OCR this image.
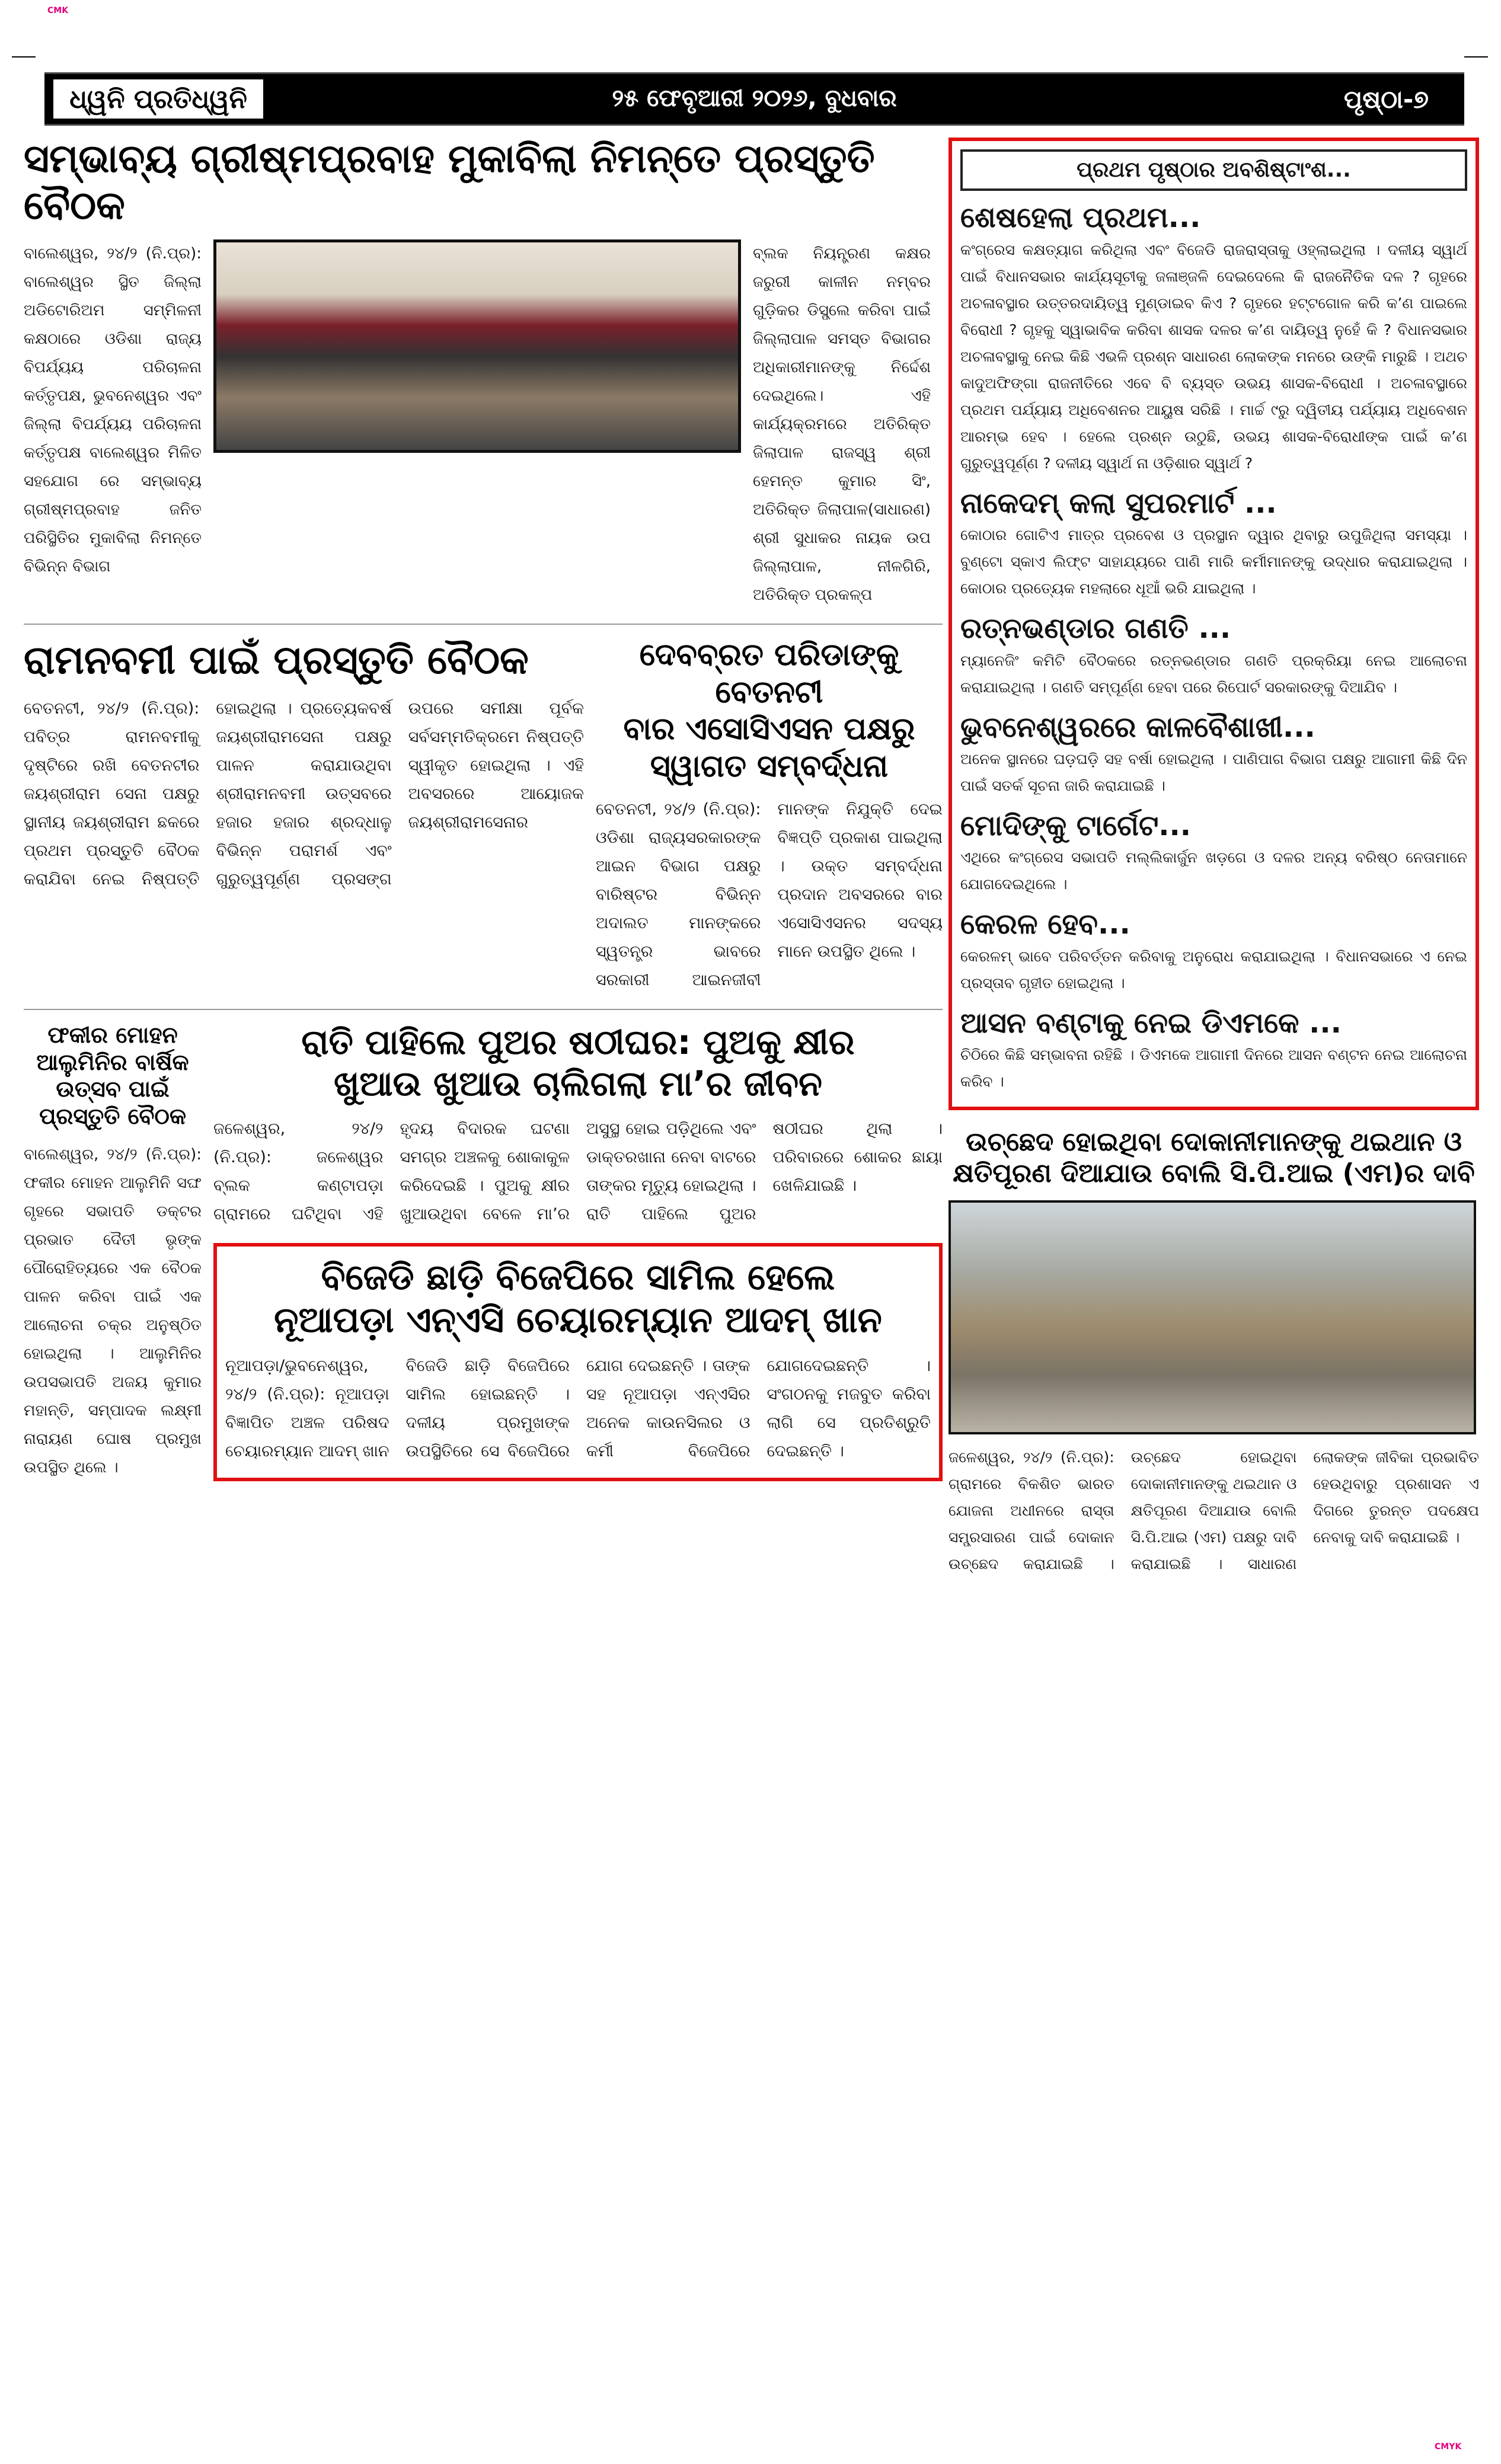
CMK
CMYK
ଧ୍ୱନି ପ୍ରତିଧ୍ୱନି	୨୫ ଫେବୃଆରୀ ୨୦୨୬, ବୁଧବାର	ପୃଷ୍ଠା-୭
ସମ୍ଭାବ୍ୟ ଗ୍ରୀଷ୍ମପ୍ରବାହ ମୁକାବିଲା ନିମନ୍ତେ ପ୍ରସ୍ତୁତି ବୈଠକ
ବାଲେଶ୍ୱର, ୨୪/୨ (ନି.ପ୍ର): ବାଲେଶ୍ୱର ସ୍ଥିତ ଜିଲ୍ଲା ଅଡିଟୋରିଅମ ସମ୍ମିଳନୀ କକ୍ଷଠାରେ ଓଡିଶା ରାଜ୍ୟ ବିପର୍ଯ୍ୟୟ ପରିଚାଳନା କର୍ତ୍ତୃପକ୍ଷ, ଭୁବନେଶ୍ୱର ଏବଂ ଜିଲ୍ଲା ବିପର୍ଯ୍ୟୟ ପରିଚାଳନା କର୍ତ୍ତୃପକ୍ଷ ବାଲେଶ୍ୱର ମିଳିତ ସହଯୋଗ ରେ ସମ୍ଭାବ୍ୟ ଗ୍ରୀଷ୍ମପ୍ରବାହ ଜନିତ ପରିସ୍ଥିତିର ମୁକାବିଲା ନିମନ୍ତେ ବିଭିନ୍ନ ବିଭାଗ
ବ୍ଲକ ନିୟନ୍ତ୍ରଣ କକ୍ଷର ଜରୁରୀ କାଳୀନ ନମ୍ବର ଗୁଡ଼ିକର ଡିସ୍ପ୍ଲେ କରିବା ପାଇଁ ଜିଲ୍ଲାପାଳ ସମସ୍ତ ବିଭାଗର ଅଧିକାରୀମାନଙ୍କୁ ନିର୍ଦ୍ଦେଶ ଦେଇଥିଲେ। ଏହି କାର୍ଯ୍ୟକ୍ରମରେ ଅତିରିକ୍ତ ଜିଲାପାଳ ରାଜସ୍ୱ ଶ୍ରୀ ହେମନ୍ତ କୁମାର ସିଂ, ଅତିରିକ୍ତ ଜିଲାପାଳ(ସାଧାରଣ) ଶ୍ରୀ ସୁଧାକର ନାୟକ ଉପ ଜିଲ୍ଲାପାଳ, ନୀଳଗିରି, ଅତିରିକ୍ତ ପ୍ରକଳ୍ପ
ରାମନବମୀ ପାଇଁ ପ୍ରସ୍ତୁତି ବୈଠକ
ବେତନଟୀ, ୨୪/୨ (ନି.ପ୍ର): ପବିତ୍ର ରାମନବମୀକୁ ଦୃଷ୍ଟିରେ ରଖି ବେତନଟୀର ଜୟଶ୍ରୀରାମ ସେନା ପକ୍ଷରୁ ସ୍ଥାନୀୟ ଜୟଶ୍ରୀରାମ ଛକରେ ପ୍ରଥମ ପ୍ରସ୍ତୁତି ବୈଠକ କରାଯିବା ନେଇ ନିଷ୍ପତ୍ତି ହୋଇଥିଲା । ପ୍ରତ୍ୟେକବର୍ଷ ଜୟଶ୍ରୀରାମସେନା ପକ୍ଷରୁ ପାଳନ କରାଯାଉଥିବା ଶ୍ରୀରାମନବମୀ ଉତ୍ସବରେ ହଜାର ହଜାର ଶ୍ରଦ୍ଧାଳୁ ବିଭିନ୍ନ ପରାମର୍ଶ ଏବଂ ଗୁରୁତ୍ୱପୂର୍ଣ୍ଣ ପ୍ରସଙ୍ଗ ଉପରେ ସମୀକ୍ଷା ପୂର୍ବକ ସର୍ବସମ୍ମତିକ୍ରମେ ନିଷ୍ପତ୍ତି ସ୍ୱୀକୃତ ହୋଇଥିଲା । ଏହି ଅବସରରେ ଆୟୋଜକ ଜୟଶ୍ରୀରାମସେନାର
ଦେବବ୍ରତ ପରିଡାଙ୍କୁ ବେତନଟୀ
ବାର ଏସୋସିଏସନ ପକ୍ଷରୁ
ସ୍ୱାଗତ ସମ୍ବର୍ଦ୍ଧନା
ବେତନଟୀ, ୨୪/୨ (ନି.ପ୍ର): ଓଡିଶା ରାଜ୍ୟସରକାରଙ୍କ ଆଇନ ବିଭାଗ ପକ୍ଷରୁ ବାରିଷ୍ଟର ବିଭିନ୍ନ ଅଦାଲତ ମାନଙ୍କରେ ସ୍ୱତନ୍ତ୍ର ଭାବରେ ସରକାରୀ ଆଇନଜୀବୀ ମାନଙ୍କ ନିଯୁକ୍ତି ଦେଇ ବିଜ୍ଞପ୍ତି ପ୍ରକାଶ ପାଇଥିଲା । ଉକ୍ତ ସମ୍ବର୍ଦ୍ଧନା ପ୍ରଦାନ ଅବସରରେ ବାର ଏସୋସିଏସନର ସଦସ୍ୟ ମାନେ ଉପସ୍ଥିତ ଥିଲେ ।
ଫକୀର ମୋହନ ଆଲୁମିନିର ବାର୍ଷିକ ଉତ୍ସବ ପାଇଁ ପ୍ରସ୍ତୁତି ବୈଠକ
ବାଲେଶ୍ୱର, ୨୪/୨ (ନି.ପ୍ର): ଫକୀର ମୋହନ ଆଲୁମିନି ସଙ୍ଘ ଗୃହରେ ସଭାପତି ଡକ୍ଟର ପ୍ରଭାତ ଦୈତୀ ଭୃଙ୍କ ପୌରୋହିତ୍ୟରେ ଏକ ବୈଠକ ପାଳନ କରିବା ପାଇଁ ଏକ ଆଲୋଚନା ଚକ୍ର ଅନୁଷ୍ଠିତ ହୋଇଥିଲା । ଆଲୁମିନିର ଉପସଭାପତି ଅଜୟ କୁମାର ମହାନ୍ତି, ସମ୍ପାଦକ ଲକ୍ଷ୍ମୀ ନାରାୟଣ ଘୋଷ ପ୍ରମୁଖ ଉପସ୍ଥିତ ଥିଲେ ।
ରାତି ପାହିଲେ ପୁଅର ଷଠୀଘର: ପୁଅକୁ କ୍ଷୀର
ଖୁଆଉ ଖୁଆଉ ଚାଲିଗଲା ମା’ର ଜୀବନ
ଜଳେଶ୍ୱର, ୨୪/୨ (ନି.ପ୍ର): ଜଳେଶ୍ୱର ବ୍ଲକ କଣ୍ଟାପଡ଼ା ଗ୍ରାମରେ ଘଟିଥିବା ଏହି ହୃଦୟ ବିଦାରକ ଘଟଣା ସମଗ୍ର ଅଞ୍ଚଳକୁ ଶୋକାକୁଳ କରିଦେଇଛି । ପୁଅକୁ କ୍ଷୀର ଖୁଆଉଥିବା ବେଳେ ମା’ର ଅସୁସ୍ଥ ହୋଇ ପଡ଼ିଥିଲେ ଏବଂ ଡାକ୍ତରଖାନା ନେବା ବାଟରେ ତାଙ୍କର ମୃତ୍ୟୁ ହୋଇଥିଲା । ରାତି ପାହିଲେ ପୁଅର ଷଠୀଘର ଥିଲା । ପରିବାରରେ ଶୋକର ଛାୟା ଖେଳିଯାଇଛି ।
ବିଜେଡି ଛାଡ଼ି ବିଜେପିରେ ସାମିଲ ହେଲେ
ନୂଆପଡ଼ା ଏନ୍‌ଏସି ଚେୟାରମ୍ୟାନ ଆଦମ୍ ଖାନ
ନୂଆପଡ଼ା/ଭୁବନେଶ୍ୱର, ୨୪/୨ (ନି.ପ୍ର): ନୂଆପଡ଼ା ବିଜ୍ଞାପିତ ଅଞ୍ଚଳ ପରିଷଦ ଚେୟାରମ୍ୟାନ ଆଦମ୍ ଖାନ ବିଜେଡି ଛାଡ଼ି ବିଜେପିରେ ସାମିଲ ହୋଇଛନ୍ତି । ଦଳୀୟ ପ୍ରମୁଖଙ୍କ ଉପସ୍ଥିତିରେ ସେ ବିଜେପିରେ ଯୋଗ ଦେଇଛନ୍ତି । ତାଙ୍କ ସହ ନୂଆପଡ଼ା ଏନ୍‌ଏସିର ଅନେକ କାଉନସିଲର ଓ କର୍ମୀ ବିଜେପିରେ ଯୋଗଦେଇଛନ୍ତି । ସଂଗଠନକୁ ମଜବୁତ କରିବା ଲାଗି ସେ ପ୍ରତିଶ୍ରୁତି ଦେଇଛନ୍ତି ।
ପ୍ରଥମ ପୃଷ୍ଠାର ଅବଶିଷ୍ଟାଂଶ...
ଶେଷହେଲା ପ୍ରଥମ...
କଂଗ୍ରେସ କକ୍ଷତ୍ୟାଗ କରିଥିଲା ଏବଂ ବିଜେଡି ରାଜରାସ୍ତାକୁ ଓହ୍ଲାଇଥିଲା । ଦଳୀୟ ସ୍ୱାର୍ଥ ପାଇଁ ବିଧାନସଭାର କାର୍ଯ୍ୟସୂଚୀକୁ ଜଳାଞ୍ଜଳି ଦେଇଦେଲେ କି ରାଜନୈତିକ ଦଳ ? ଗୃହରେ ଅଚଳାବସ୍ଥାର ଉତ୍ତରଦାୟିତ୍ୱ ମୁଣ୍ଡାଇବ କିଏ ? ଗୃହରେ ହଟ୍ଟଗୋଳ କରି କ’ଣ ପାଇଲେ ବିରୋଧୀ ? ଗୃହକୁ ସ୍ୱାଭାବିକ କରିବା ଶାସକ ଦଳର କ’ଣ ଦାୟିତ୍ୱ ନୁହେଁ କି ? ବିଧାନସଭାର ଅଚଳାବସ୍ଥାକୁ ନେଇ କିଛି ଏଭଳି ପ୍ରଶ୍ନ ସାଧାରଣ ଲୋକଙ୍କ ମନରେ ଉଙ୍କି ମାରୁଛି । ଅଥଚ କାଦୁଅଫିଙ୍ଗା ରାଜନୀତିରେ ଏବେ ବି ବ୍ୟସ୍ତ ଉଭୟ ଶାସକ-ବିରୋଧୀ । ଅଚଳାବସ୍ଥାରେ ପ୍ରଥମ ପର୍ଯ୍ୟାୟ ଅଧିବେଶନର ଆୟୁଷ ସରିଛି । ମାର୍ଚ୍ଚ ୯ରୁ ଦ୍ୱିତୀୟ ପର୍ଯ୍ୟାୟ ଅଧିବେଶନ ଆରମ୍ଭ ହେବ । ହେଲେ ପ୍ରଶ୍ନ ଉଠୁଛି, ଉଭୟ ଶାସକ-ବିରୋଧୀଙ୍କ ପାଇଁ କ’ଣ ଗୁରୁତ୍ୱପୂର୍ଣ୍ଣ ? ଦଳୀୟ ସ୍ୱାର୍ଥ ନା ଓଡ଼ିଶାର ସ୍ୱାର୍ଥ ?
ନାକେଦମ୍ କଲା ସୁପରମାର୍ଟ ...
କୋଠାର ଗୋଟିଏ ମାତ୍ର ପ୍ରବେଶ ଓ ପ୍ରସ୍ଥାନ ଦ୍ୱାର ଥିବାରୁ ଉପୁଜିଥିଲା ସମସ୍ୟା । ବୁଣ୍ଟୋ ସ୍କାଏ ଲିଫ୍ଟ ସାହାଯ୍ୟରେ ପାଣି ମାରି କର୍ମୀମାନଙ୍କୁ ଉଦ୍ଧାର କରାଯାଇଥିଲା । କୋଠାର ପ୍ରତ୍ୟେକ ମହଲାରେ ଧୂଆଁ ଭରି ଯାଇଥିଲା ।
ରତ୍ନଭଣ୍ଡାର ଗଣତି ...
ମ୍ୟାନେଜିଂ କମିଟି ବୈଠକରେ ରତ୍ନଭଣ୍ଡାର ଗଣତି ପ୍ରକ୍ରିୟା ନେଇ ଆଲୋଚନା କରାଯାଇଥିଲା । ଗଣତି ସମ୍ପୂର୍ଣ୍ଣ ହେବା ପରେ ରିପୋର୍ଟ ସରକାରଙ୍କୁ ଦିଆଯିବ ।
ଭୁବନେଶ୍ୱରରେ କାଳବୈଶାଖୀ...
ଅନେକ ସ୍ଥାନରେ ଘଡ଼ଘଡ଼ି ସହ ବର୍ଷା ହୋଇଥିଲା । ପାଣିପାଗ ବିଭାଗ ପକ୍ଷରୁ ଆଗାମୀ କିଛି ଦିନ ପାଇଁ ସତର୍କ ସୂଚନା ଜାରି କରାଯାଇଛି ।
ମୋଦିଙ୍କୁ ଟାର୍ଗେଟ...
ଏଥିରେ କଂଗ୍ରେସ ସଭାପତି ମଲ୍ଲିକାର୍ଜୁନ ଖଡ଼ଗେ ଓ ଦଳର ଅନ୍ୟ ବରିଷ୍ଠ ନେତାମାନେ ଯୋଗଦେଇଥିଲେ ।
କେରଳ ହେବ...
କେରଳମ୍ ଭାବେ ପରିବର୍ତ୍ତନ କରିବାକୁ ଅନୁରୋଧ କରାଯାଇଥିଲା । ବିଧାନସଭାରେ ଏ ନେଇ ପ୍ରସ୍ତାବ ଗୃହୀତ ହୋଇଥିଲା ।
ଆସନ ବଣ୍ଟାକୁ ନେଇ ଡିଏମକେ ...
ଚିଠିରେ କିଛି ସମ୍ଭାବନା ରହିଛି । ଡିଏମକେ ଆଗାମୀ ଦିନରେ ଆସନ ବଣ୍ଟନ ନେଇ ଆଲୋଚନା କରିବ ।
ଉଚ୍ଛେଦ ହୋଇଥିବା ଦୋକାନୀମାନଙ୍କୁ ଥଇଥାନ ଓ
କ୍ଷତିପୂରଣ ଦିଆଯାଉ ବୋଲି ସି.ପି.ଆଇ (ଏମ)ର ଦାବି
ଜଳେଶ୍ୱର, ୨୪/୨ (ନି.ପ୍ର): ଗ୍ରାମରେ ବିକଶିତ ଭାରତ ଯୋଜନା ଅଧୀନରେ ରାସ୍ତା ସମ୍ପ୍ରସାରଣ ପାଇଁ ଦୋକାନ ଉଚ୍ଛେଦ କରାଯାଇଛି । ଉଚ୍ଛେଦ ହୋଇଥିବା ଦୋକାନୀମାନଙ୍କୁ ଥଇଥାନ ଓ କ୍ଷତିପୂରଣ ଦିଆଯାଉ ବୋଲି ସି.ପି.ଆଇ (ଏମ) ପକ୍ଷରୁ ଦାବି କରାଯାଇଛି । ସାଧାରଣ ଲୋକଙ୍କ ଜୀବିକା ପ୍ରଭାବିତ ହେଉଥିବାରୁ ପ୍ରଶାସନ ଏ ଦିଗରେ ତୁରନ୍ତ ପଦକ୍ଷେପ ନେବାକୁ ଦାବି କରାଯାଇଛି ।
